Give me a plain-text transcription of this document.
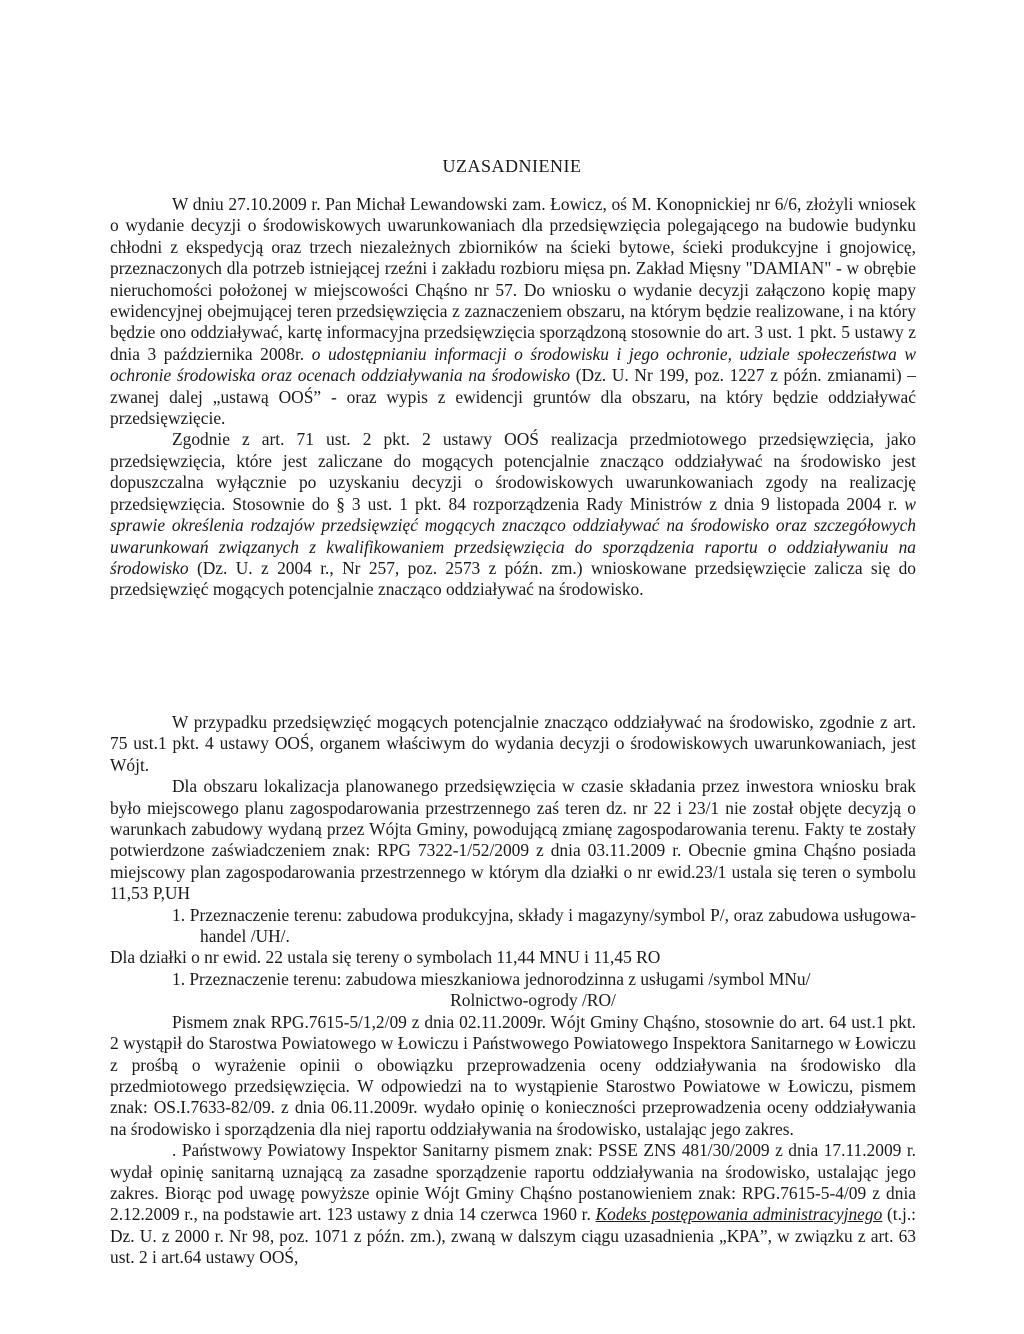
UZASADNIENIE

W dniu 27.10.2009 r. Pan Michał Lewandowski zam. Łowicz, oś M. Konopnickiej nr 6/6, złożyli wniosek o wydanie decyzji o środowiskowych uwarunkowaniach dla przedsięwzięcia polegającego na budowie budynku chłodni z ekspedycją oraz trzech niezależnych zbiorników na ścieki bytowe, ścieki produkcyjne i gnojowicę, przeznaczonych dla potrzeb istniejącej rzeźni i zakładu rozbioru mięsa pn. Zakład Mięsny "DAMIAN" - w obrębie nieruchomości położonej w miejscowości Chąśno nr 57. Do wniosku o wydanie decyzji załączono kopię mapy ewidencyjnej obejmującej teren przedsięwzięcia z zaznaczeniem obszaru, na którym będzie realizowane, i na który będzie ono oddziaływać, kartę informacyjna przedsięwzięcia sporządzoną stosownie do art. 3 ust. 1 pkt. 5 ustawy z dnia 3 października 2008r. o udostępnianiu informacji o środowisku i jego ochronie, udziale społeczeństwa w ochronie środowiska oraz ocenach oddziaływania na środowisko (Dz. U. Nr 199, poz. 1227 z późn. zmianami) – zwanej dalej „ustawą OOŚ” - oraz wypis z ewidencji gruntów dla obszaru, na który będzie oddziaływać przedsięwzięcie.

Zgodnie z art. 71 ust. 2 pkt. 2 ustawy OOŚ realizacja przedmiotowego przedsięwzięcia, jako przedsięwzięcia, które jest zaliczane do mogących potencjalnie znacząco oddziaływać na środowisko jest dopuszczalna wyłącznie po uzyskaniu decyzji o środowiskowych uwarunkowaniach zgody na realizację przedsięwzięcia. Stosownie do § 3 ust. 1 pkt. 84 rozporządzenia Rady Ministrów z dnia 9 listopada 2004 r. w sprawie określenia rodzajów przedsięwzięć mogących znacząco oddziaływać na środowisko oraz szczegółowych uwarunkowań związanych z kwalifikowaniem przedsięwzięcia do sporządzenia raportu o oddziaływaniu na środowisko (Dz. U. z 2004 r., Nr 257, poz. 2573 z późn. zm.) wnioskowane przedsięwzięcie zalicza się do przedsięwzięć mogących potencjalnie znacząco oddziaływać na środowisko.

W przypadku przedsięwzięć mogących potencjalnie znacząco oddziaływać na środowisko, zgodnie z art. 75 ust.1 pkt. 4 ustawy OOŚ, organem właściwym do wydania decyzji o środowiskowych uwarunkowaniach, jest Wójt.

Dla obszaru lokalizacja planowanego przedsięwzięcia w czasie składania przez inwestora wniosku brak było miejscowego planu zagospodarowania przestrzennego zaś teren dz. nr 22 i 23/1 nie został objęte decyzją o warunkach zabudowy wydaną przez Wójta Gminy, powodującą zmianę zagospodarowania terenu. Fakty te zostały potwierdzone zaświadczeniem znak: RPG 7322-1/52/2009 z dnia 03.11.2009 r. Obecnie gmina Chąśno posiada miejscowy plan zagospodarowania przestrzennego w którym dla działki o nr ewid.23/1 ustala się teren o symbolu 11,53 P,UH

1. Przeznaczenie terenu: zabudowa produkcyjna, składy i magazyny/symbol P/, oraz zabudowa usługowa-handel /UH/.

Dla działki o nr ewid. 22 ustala się tereny o symbolach 11,44 MNU i 11,45 RO

1. Przeznaczenie terenu: zabudowa mieszkaniowa jednorodzinna z usługami /symbol MNu/

Rolnictwo-ogrody /RO/

Pismem znak RPG.7615-5/1,2/09 z dnia 02.11.2009r. Wójt Gminy Chąśno, stosownie do art. 64 ust.1 pkt. 2 wystąpił do Starostwa Powiatowego w Łowiczu i Państwowego Powiatowego Inspektora Sanitarnego w Łowiczu z prośbą o wyrażenie opinii o obowiązku przeprowadzenia oceny oddziaływania na środowisko dla przedmiotowego przedsięwzięcia. W odpowiedzi na to wystąpienie Starostwo Powiatowe w Łowiczu, pismem znak: OS.I.7633-82/09. z dnia 06.11.2009r. wydało opinię o konieczności przeprowadzenia oceny oddziaływania na środowisko i sporządzenia dla niej raportu oddziaływania na środowisko, ustalając jego zakres.

. Państwowy Powiatowy Inspektor Sanitarny pismem znak: PSSE ZNS 481/30/2009 z dnia 17.11.2009 r. wydał opinię sanitarną uznającą za zasadne sporządzenie raportu oddziaływania na środowisko, ustalając jego zakres. Biorąc pod uwagę powyższe opinie Wójt Gminy Chąśno postanowieniem znak: RPG.7615-5-4/09 z dnia 2.12.2009 r., na podstawie art. 123 ustawy z dnia 14 czerwca 1960 r. Kodeks postępowania administracyjnego (t.j.: Dz. U. z 2000 r. Nr 98, poz. 1071 z późn. zm.), zwaną w dalszym ciągu uzasadnienia „KPA”, w związku z art. 63 ust. 2 i art.64 ustawy OOŚ,
